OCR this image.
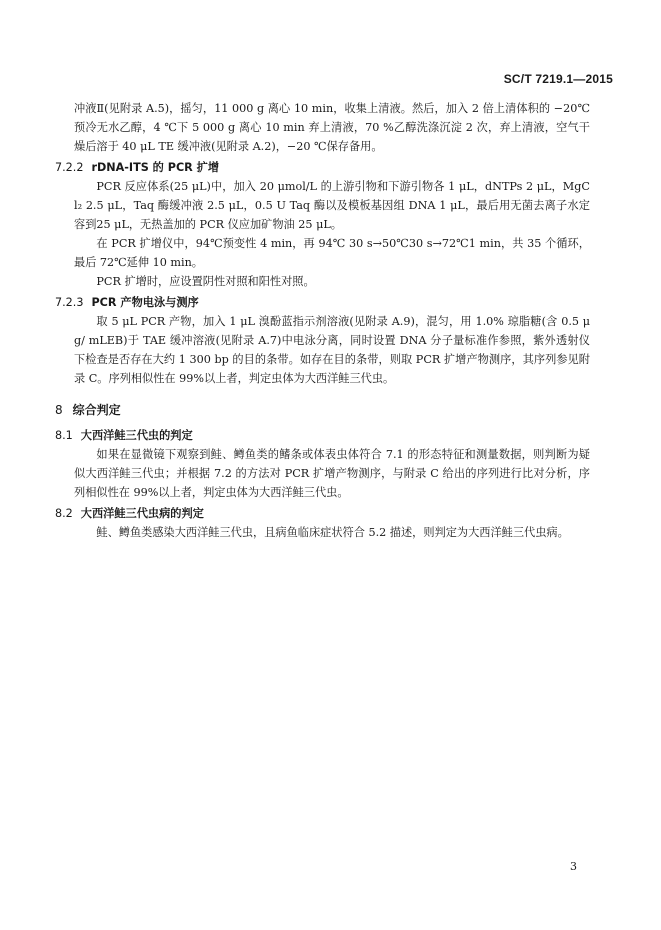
SC/T 7219.1—2015

冲液Ⅱ(见附录 A.5)，摇匀，11 000 g 离心 10 min，收集上清液。然后，加入 2 倍上清体积的 −20℃ 预冷无水乙醇，4 ℃下 5 000 g 离心 10 min 弃上清液，70 %乙醇洗涤沉淀 2 次，弃上清液，空气干燥后溶于 40 μL TE 缓冲液(见附录 A.2)，−20 ℃保存备用。

7.2.2 rDNA‑ITS 的 PCR 扩增

PCR 反应体系(25 μL)中，加入 20 μmol/L 的上游引物和下游引物各 1 μL，dNTPs 2 μL，MgCl₂ 2.5 μL，Taq 酶缓冲液 2.5 μL，0.5 U Taq 酶以及模板基因组 DNA 1 μL，最后用无菌去离子水定容到25 μL，无热盖加的 PCR 仪应加矿物油 25 μL。

在 PCR 扩增仪中，94℃预变性 4 min，再 94℃ 30 s→50℃30 s→72℃1 min，共 35 个循环，最后 72℃延伸 10 min。

PCR 扩增时，应设置阴性对照和阳性对照。

7.2.3 PCR 产物电泳与测序

取 5 μL PCR 产物，加入 1 μL 溴酚蓝指示剂溶液(见附录 A.9)，混匀，用 1.0% 琼脂糖(含 0.5 μg/ mLEB)于 TAE 缓冲溶液(见附录 A.7)中电泳分离，同时设置 DNA 分子量标准作参照，紫外透射仪下检查是否存在大约 1 300 bp 的目的条带。如存在目的条带，则取 PCR 扩增产物测序，其序列参见附录 C。序列相似性在 99%以上者，判定虫体为大西洋鲑三代虫。

8 综合判定
8.1 大西洋鲑三代虫的判定

如果在显微镜下观察到鲑、鳟鱼类的鳍条或体表虫体符合 7.1 的形态特征和测量数据，则判断为疑似大西洋鲑三代虫；并根据 7.2 的方法对 PCR 扩增产物测序，与附录 C 给出的序列进行比对分析，序列相似性在 99%以上者，判定虫体为大西洋鲑三代虫。

8.2 大西洋鲑三代虫病的判定

鲑、鳟鱼类感染大西洋鲑三代虫，且病鱼临床症状符合 5.2 描述，则判定为大西洋鲑三代虫病。

3
